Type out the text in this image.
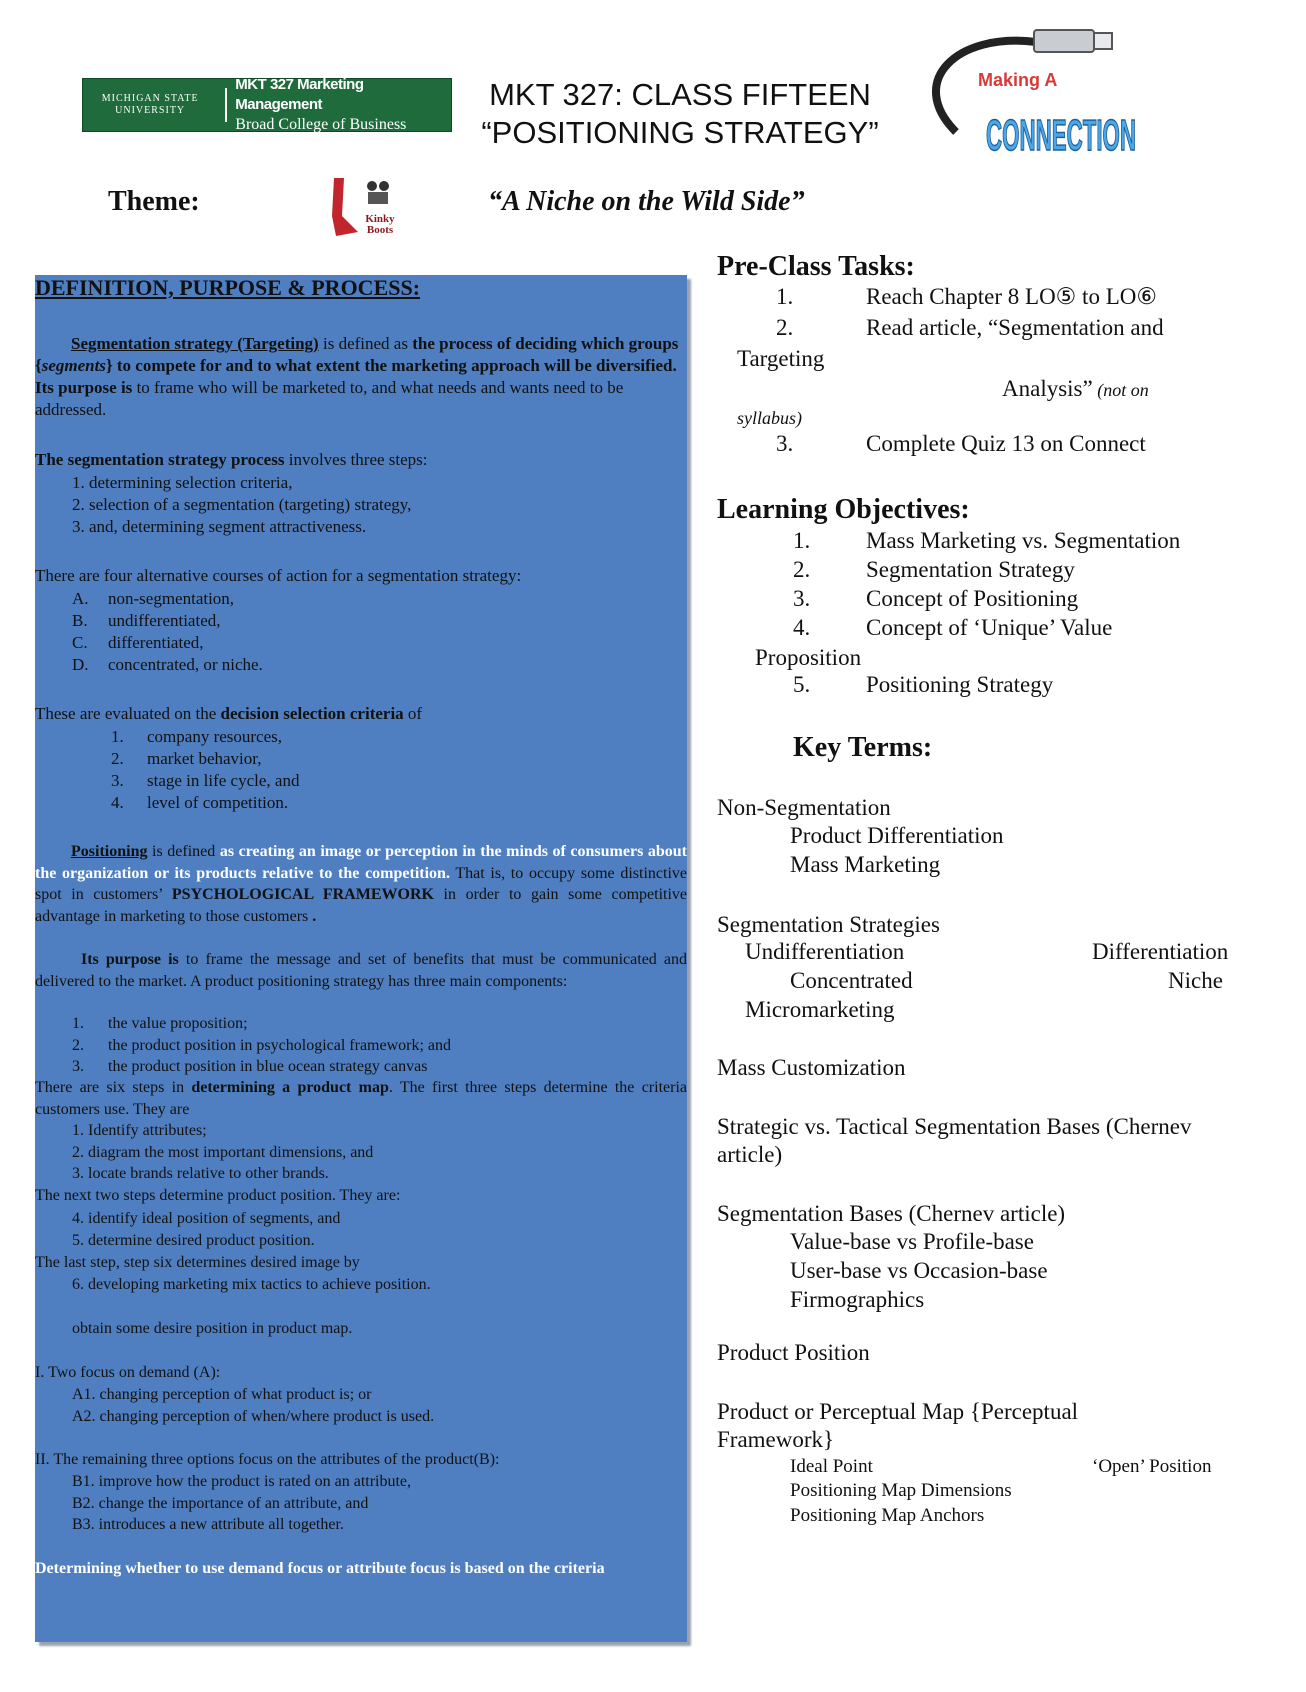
MICHIGAN STATE
UNIVERSITY
MKT 327 Marketing Management
Broad College of Business
MKT 327: CLASS FIFTEEN
“POSITIONING STRATEGY”
Making A
CONNECTION
Theme:
Kinky Boots
“A Niche on the Wild Side”
DEFINITION, PURPOSE & PROCESS:
Segmentation strategy (Targeting) is defined as the process of deciding which groups {segments} to compete for and to what extent the marketing approach will be diversified. Its purpose is to frame who will be marketed to, and what needs and wants need to be addressed.
The segmentation strategy process involves three steps:
1. determining selection criteria,
2. selection of a segmentation (targeting) strategy,
3. and, determining segment attractiveness.
There are four alternative courses of action for a segmentation strategy:
A. non-segmentation,
B. undifferentiated,
C. differentiated,
D. concentrated, or niche.
These are evaluated on the decision selection criteria of
1. company resources,
2. market behavior,
3. stage in life cycle, and
4. level of competition.
Positioning is defined as creating an image or perception in the minds of consumers about the organization or its products relative to the competition. That is, to occupy some distinctive spot in customers’ PSYCHOLOGICAL FRAMEWORK in order to gain some competitive advantage in marketing to those customers .
Its purpose is to frame the message and set of benefits that must be communicated and delivered to the market. A product positioning strategy has three main components:
1. the value proposition;
2. the product position in psychological framework; and
3. the product position in blue ocean strategy canvas
There are six steps in determining a product map. The first three steps determine the criteria customers use. They are
1. Identify attributes;
2. diagram the most important dimensions, and
3. locate brands relative to other brands.
The next two steps determine product position. They are:
4. identify ideal position of segments, and
5. determine desired product position.
The last step, step six determines desired image by
6. developing marketing mix tactics to achieve position.
obtain some desire position in product map.
I. Two focus on demand (A):
A1. changing perception of what product is; or
A2. changing perception of when/where product is used.
II. The remaining three options focus on the attributes of the product(B):
B1. improve how the product is rated on an attribute,
B2. change the importance of an attribute, and
B3. introduces a new attribute all together.
Determining whether to use demand focus or attribute focus is based on the criteria
Pre-Class Tasks:
1.	Reach Chapter 8 LO⑤ to LO⑥
2.	Read article, “Segmentation and
Targeting
Analysis” (not on
syllabus)
3.	Complete Quiz 13 on Connect
Learning Objectives:
1.	Mass Marketing vs. Segmentation
2.	Segmentation Strategy
3.	Concept of Positioning
4.	Concept of ‘Unique’ Value
Proposition
5.	Positioning Strategy
Key Terms:
Non-Segmentation
Product Differentiation
Mass Marketing
Segmentation Strategies
Undifferentiation	Differentiation
Concentrated	Niche
Micromarketing
Mass Customization
Strategic vs. Tactical Segmentation Bases (Chernev
article)
Segmentation Bases (Chernev article)
Value-base vs Profile-base
User-base vs Occasion-base
Firmographics
Product Position
Product or Perceptual Map {Perceptual
Framework}
Ideal Point	‘Open’ Position
Positioning Map Dimensions
Positioning Map Anchors
